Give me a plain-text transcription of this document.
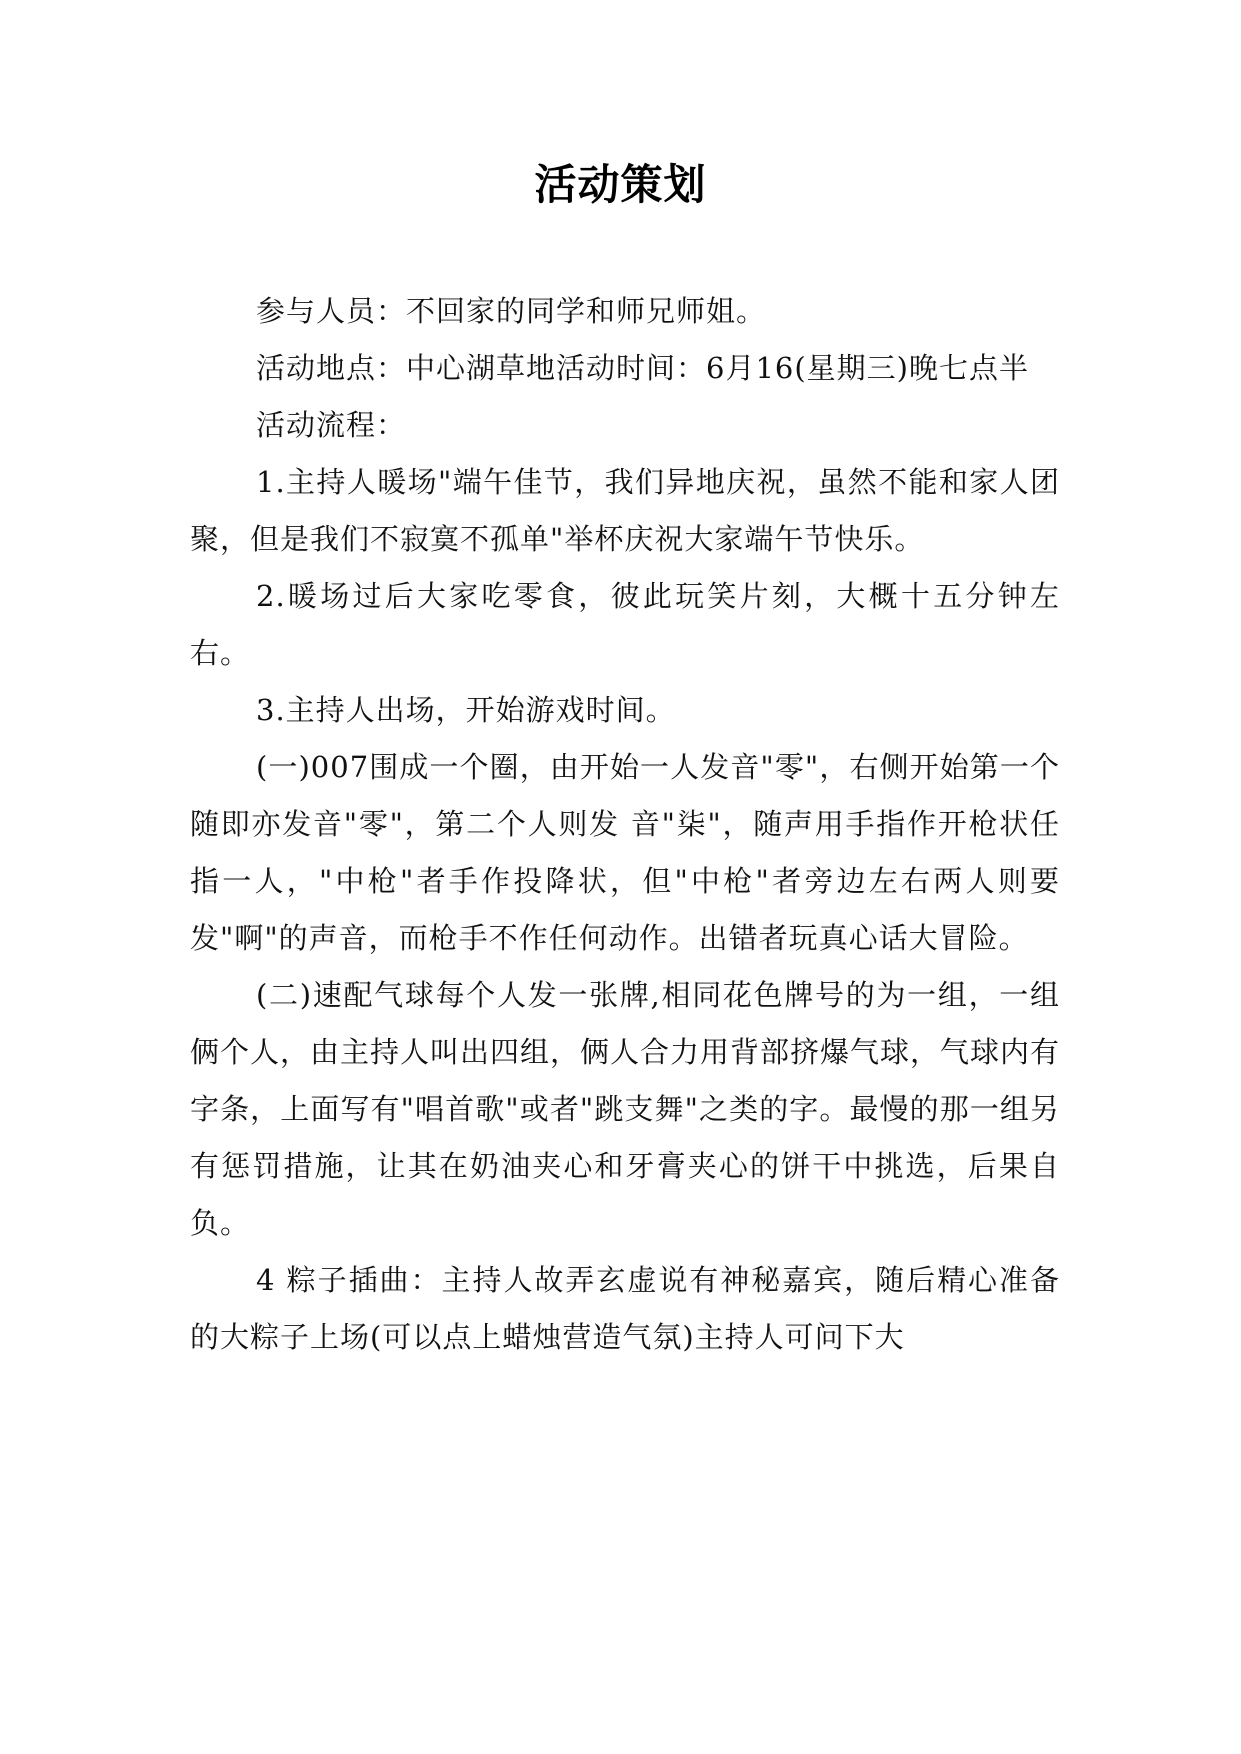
活动策划

参与人员：不回家的同学和师兄师姐。

活动地点：中心湖草地活动时间：6月16(星期三)晚七点半

活动流程：

1.主持人暖场"端午佳节，我们异地庆祝，虽然不能和家人团聚，但是我们不寂寞不孤单"举杯庆祝大家端午节快乐。

2.暖场过后大家吃零食，彼此玩笑片刻，大概十五分钟左右。

3.主持人出场，开始游戏时间。

(一)007围成一个圈，由开始一人发音"零"，右侧开始第一个随即亦发音"零"，第二个人则发 音"柒"，随声用手指作开枪状任指一人，"中枪"者手作投降状，但"中枪"者旁边左右两人则要发"啊"的声音，而枪手不作任何动作。出错者玩真心话大冒险。

(二)速配气球每个人发一张牌,相同花色牌号的为一组，一组俩个人，由主持人叫出四组，俩人合力用背部挤爆气球，气球内有字条，上面写有"唱首歌"或者"跳支舞"之类的字。最慢的那一组另有惩罚措施，让其在奶油夹心和牙膏夹心的饼干中挑选，后果自负。

4 粽子插曲：主持人故弄玄虚说有神秘嘉宾，随后精心准备的大粽子上场(可以点上蜡烛营造气氛)主持人可问下大
